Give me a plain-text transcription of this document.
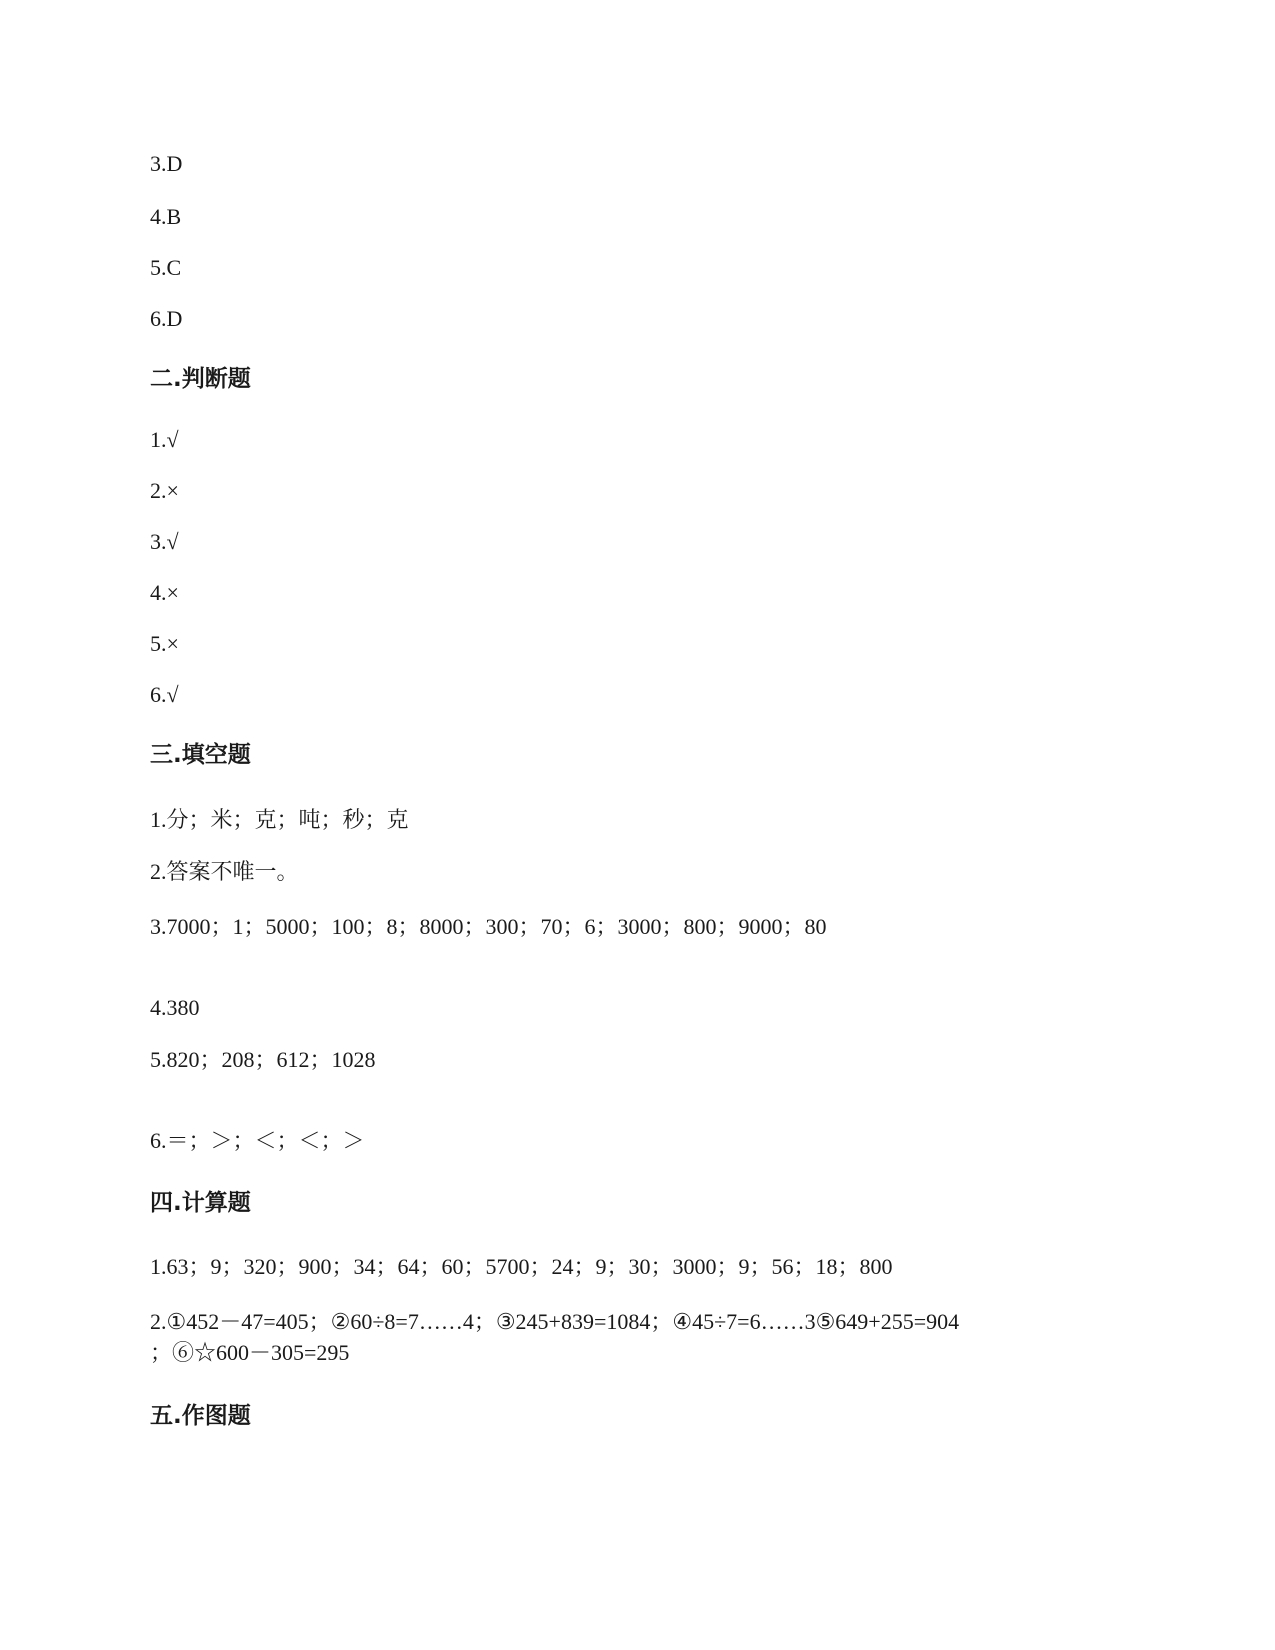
3.D
4.B
5.C
6.D
二.判断题
1.√
2.×
3.√
4.×
5.×
6.√
三.填空题
1.分；米；克；吨；秒；克
2.答案不唯一。
3.7000；1；5000；100；8；8000；300；70；6；3000；800；9000；80
4.380
5.820；208；612；1028
6.＝；＞；＜；＜；＞
四.计算题
1.63；9；320；900；34；64；60；5700；24；9；30；3000；9；56；18；800
2.①452－47=405；②60÷8=7……4；③245+839=1084；④45÷7=6……3⑤649+255=904
；⑥☆600－305=295
五.作图题
